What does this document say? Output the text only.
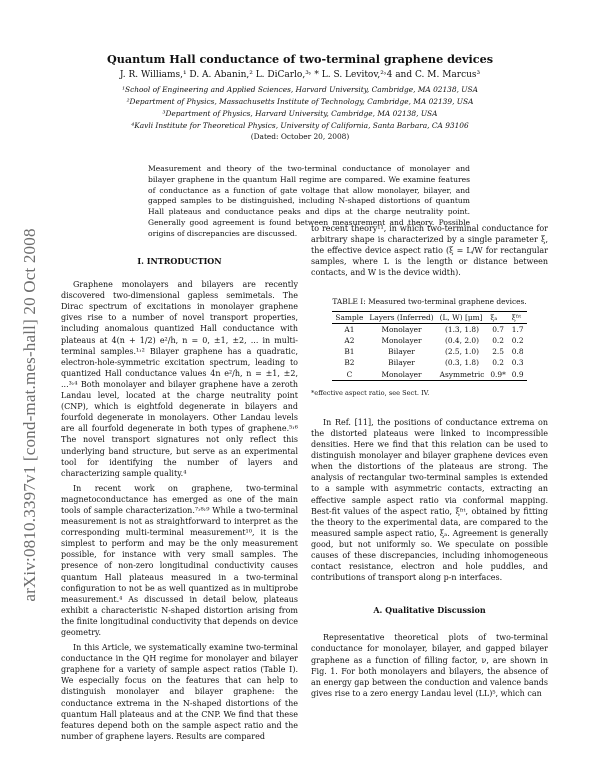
Quantum Hall conductance of two-terminal graphene devices
J. R. Williams,¹ D. A. Abanin,² L. DiCarlo,³˒ * L. S. Levitov,²˒4 and C. M. Marcus³
¹School of Engineering and Applied Sciences, Harvard University, Cambridge, MA 02138, USA
²Department of Physics, Massachusetts Institute of Technology, Cambridge, MA 02139, USA
³Department of Physics, Harvard University, Cambridge, MA 02138, USA
⁴Kavli Institute for Theoretical Physics, University of California, Santa Barbara, CA 93106
(Dated: October 20, 2008)
Measurement and theory of the two-terminal conductance of monolayer and bilayer graphene in the quantum Hall regime are compared. We examine features of conductance as a function of gate voltage that allow monolayer, bilayer, and gapped samples to be distinguished, including N-shaped distortions of quantum Hall plateaus and conductance peaks and dips at the charge neutrality point. Generally good agreement is found between measurement and theory. Possible origins of discrepancies are discussed.
arXiv:0810.3397v1 [cond-mat.mes-hall] 20 Oct 2008	I. INTRODUCTION

Graphene monolayers and bilayers are recently discovered two-dimensional gapless semimetals. The Dirac spectrum of excitations in monolayer graphene gives rise to a number of novel transport properties, including anomalous quantized Hall conductance with plateaus at 4(n + 1/2) e²/h, n = 0, ±1, ±2, ... in multi-terminal samples.¹˒² Bilayer graphene has a quadratic, electron-hole-symmetric excitation spectrum, leading to quantized Hall conductance values 4n e²/h, n = ±1, ±2, ...³˒⁴ Both monolayer and bilayer graphene have a zeroth Landau level, located at the charge neutrality point (CNP), which is eightfold degenerate in bilayers and fourfold degenerate in monolayers. Other Landau levels are all fourfold degenerate in both types of graphene.⁵˒⁶ The novel transport signatures not only reflect this underlying band structure, but serve as an experimental tool for identifying the number of layers and characterizing sample quality.⁴

In recent work on graphene, two-terminal magnetoconductance has emerged as one of the main tools of sample characterization.⁷˒⁸˒⁹ While a two-terminal measurement is not as straightforward to interpret as the corresponding multi-terminal measurement¹⁰, it is the simplest to perform and may be the only measurement possible, for instance with very small samples. The presence of non-zero longitudinal conductivity causes quantum Hall plateaus measured in a two-terminal configuration to not be as well quantized as in multiprobe measurement.⁴ As discussed in detail below, plateaus exhibit a characteristic N-shaped distortion arising from the finite longitudinal conductivity that depends on device geometry.

In this Article, we systematically examine two-terminal conductance in the QH regime for monolayer and bilayer graphene for a variety of sample aspect ratios (Table I). We especially focus on the features that can help to distinguish monolayer and bilayer graphene: the conductance extrema in the N-shaped distortions of the quantum Hall plateaus and at the CNP. We find that these features depend both on the sample aspect ratio and the number of graphene layers. Results are compared

to recent theory¹¹, in which two-terminal conductance for arbitrary shape is characterized by a single parameter ξ, the effective device aspect ratio (ξ = L/W for rectangular samples, where L is the length or distance between contacts, and W is the device width).

TABLE I: Measured two-terminal graphene devices.
Sample	Layers (Inferred)	(L, W) [μm]	ξₐ	ξᶠᶦᵗ
A1	Monolayer	(1.3, 1.8)	0.7	1.7
A2	Monolayer	(0.4, 2.0)	0.2	0.2
B1	Bilayer	(2.5, 1.0)	2.5	0.8
B2	Bilayer	(0.3, 1.8)	0.2	0.3
C	Monolayer	Asymmetric	0.9*	0.9
*effective aspect ratio, see Sect. IV.

In Ref. [11], the positions of conductance extrema on the distorted plateaus were linked to incompressible densities. Here we find that this relation can be used to distinguish monolayer and bilayer graphene devices even when the distortions of the plateaus are strong. The analysis of rectangular two-terminal samples is extended to a sample with asymmetric contacts, extracting an effective sample aspect ratio via conformal mapping. Best-fit values of the aspect ratio, ξᶠᶦᵗ, obtained by fitting the theory to the experimental data, are compared to the measured sample aspect ratio, ξₐ. Agreement is generally good, but not uniformly so. We speculate on possible causes of these discrepancies, including inhomogeneous contact resistance, electron and hole puddles, and contributions of transport along p-n interfaces.

A. Qualitative Discussion

Representative theoretical plots of two-terminal conductance for monolayer, bilayer, and gapped bilayer graphene as a function of filling factor, ν, are shown in Fig. 1. For both monolayers and bilayers, the absence of an energy gap between the conduction and valence bands gives rise to a zero energy Landau level (LL)⁵, which can
